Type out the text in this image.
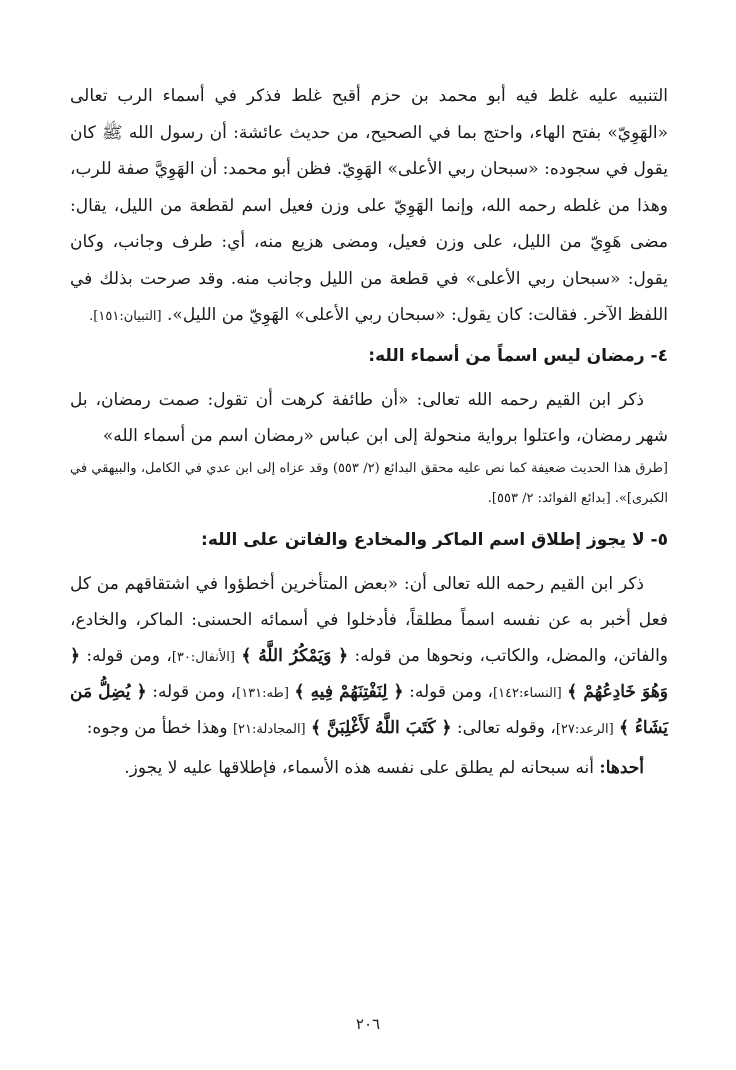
التنبيه عليه غلط فيه أبو محمد بن حزم أقبح غلط فذكر في أسماء الرب تعالى «الهَوِيّ» بفتح الهاء، واحتج بما في الصحيح، من حديث عائشة: أن رسول الله ﷺ كان يقول في سجوده: «سبحان ربي الأعلى» الهَوِيّ. فظن أبو محمد: أن الهَوِيَّ صفة للرب، وهذا من غلطه رحمه الله، وإنما الهَوِيّ على وزن فعيل اسم لقطعة من الليل، يقال: مضى هَوِيّ من الليل، على وزن فعيل، ومضى هزيع منه، أي: طرف وجانب، وكان يقول: «سبحان ربي الأعلى» في قطعة من الليل وجانب منه. وقد صرحت بذلك في اللفظ الآخر. فقالت: كان يقول: «سبحان ربي الأعلى» الهَوِيّ من الليل». [التبيان:١٥١].

٤- رمضان ليس اسماً من أسماء الله:

ذكر ابن القيم رحمه الله تعالى: «أن طائفة كرهت أن تقول: صمت رمضان، بل شهر رمضان، واعتلوا برواية منحولة إلى ابن عباس «رمضان اسم من أسماء الله»

[طرق هذا الحديث ضعيفة كما نص عليه محقق البدائع (٢/ ٥٥٣) وقد عزاه إلى ابن عدي في الكامل، والبيهقي في الكبرى]». [بدائع الفوائد: ٢/ ٥٥٣].

٥- لا يجوز إطلاق اسم الماكر والمخادع والفاتن على الله:

ذكر ابن القيم رحمه الله تعالى أن: «بعض المتأخرين أخطؤوا في اشتقاقهم من كل فعل أخبر به عن نفسه اسماً مطلقاً، فأدخلوا في أسمائه الحسنى: الماكر، والخادع، والفاتن، والمضل، والكاتب، ونحوها من قوله: ﴿ وَيَمْكُرُ اللَّهُ ﴾ [الأنفال:٣٠]، ومن قوله: ﴿ وَهُوَ خَادِعُهُمْ ﴾ [النساء:١٤٢]، ومن قوله: ﴿ لِنَفْتِنَهُمْ فِيهِ ﴾ [طه:١٣١]، ومن قوله: ﴿ يُضِلُّ مَن يَشَاءُ ﴾ [الرعد:٢٧]، وقوله تعالى: ﴿ كَتَبَ اللَّهُ لَأَغْلِبَنَّ ﴾ [المجادلة:٢١] وهذا خطأ من وجوه:

أحدها: أنه سبحانه لم يطلق على نفسه هذه الأسماء، فإطلاقها عليه لا يجوز.

٢٠٦
